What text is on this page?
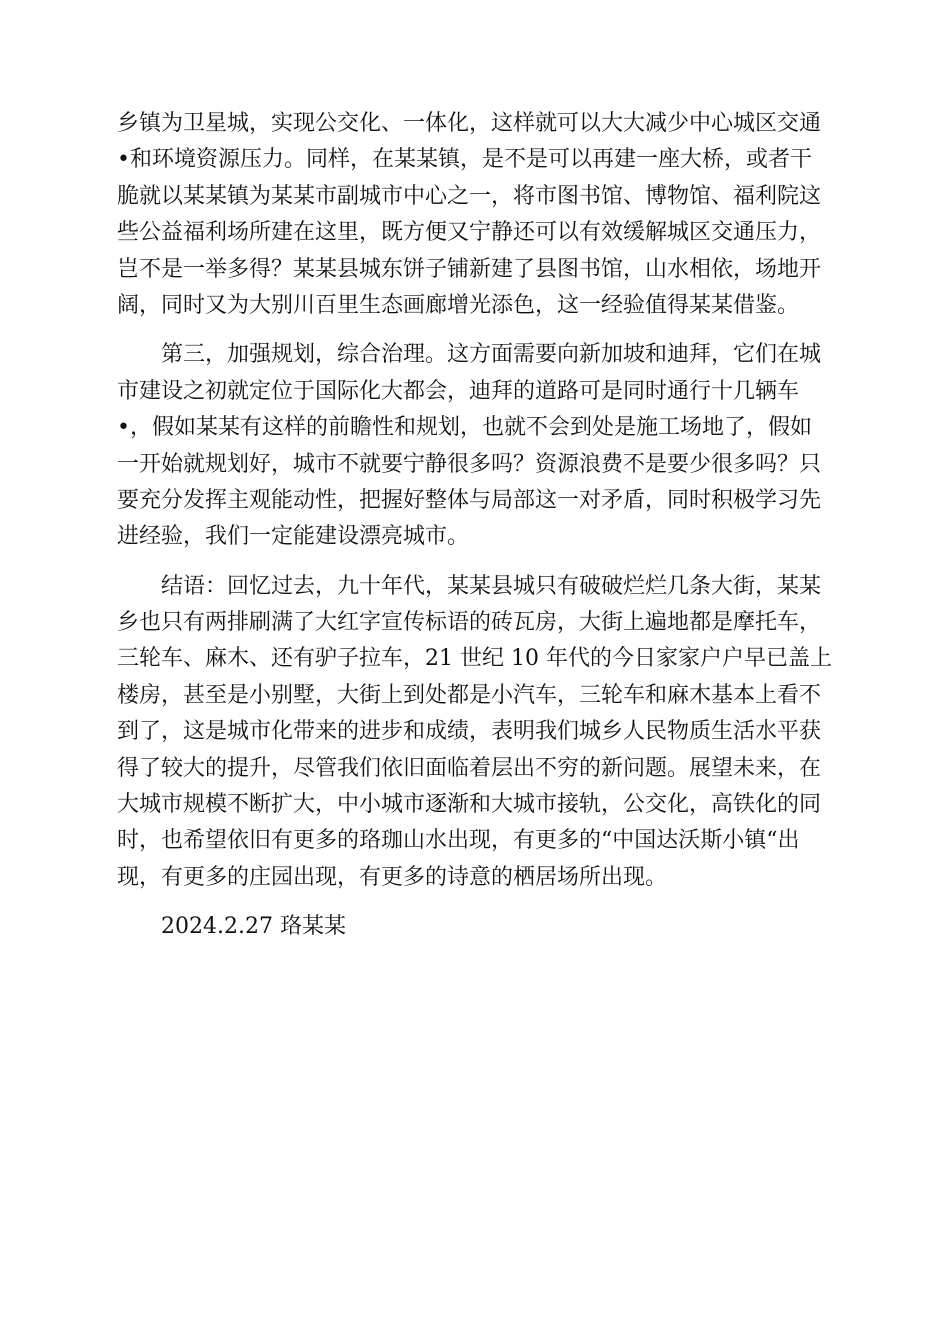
乡镇为卫星城，实现公交化、一体化，这样就可以大大减少中心城区交通
•和环境资源压力。同样，在某某镇，是不是可以再建一座大桥，或者干
脆就以某某镇为某某市副城市中心之一，将市图书馆、博物馆、福利院这
些公益福利场所建在这里，既方便又宁静还可以有效缓解城区交通压力，
岂不是一举多得？某某县城东饼子铺新建了县图书馆，山水相依，场地开
阔，同时又为大别川百里生态画廊增光添色，这一经验值得某某借鉴。
第三，加强规划，综合治理。这方面需要向新加坡和迪拜，它们在城
市建设之初就定位于国际化大都会，迪拜的道路可是同时通行十几辆车
•，假如某某有这样的前瞻性和规划，也就不会到处是施工场地了，假如
一开始就规划好，城市不就要宁静很多吗？资源浪费不是要少很多吗？只
要充分发挥主观能动性，把握好整体与局部这一对矛盾，同时积极学习先
进经验，我们一定能建设漂亮城市。
结语：回忆过去，九十年代，某某县城只有破破烂烂几条大街，某某
乡也只有两排刷满了大红字宣传标语的砖瓦房，大街上遍地都是摩托车，
三轮车、麻木、还有驴子拉车，21 世纪 10 年代的今日家家户户早已盖上
楼房，甚至是小别墅，大街上到处都是小汽车，三轮车和麻木基本上看不
到了，这是城市化带来的进步和成绩，表明我们城乡人民物质生活水平获
得了较大的提升，尽管我们依旧面临着层出不穷的新问题。展望未来，在
大城市规模不断扩大，中小城市逐渐和大城市接轨，公交化，高铁化的同
时，也希望依旧有更多的珞珈山水出现，有更多的“中国达沃斯小镇“出
现，有更多的庄园出现，有更多的诗意的栖居场所出现。
2024.2.27 珞某某
